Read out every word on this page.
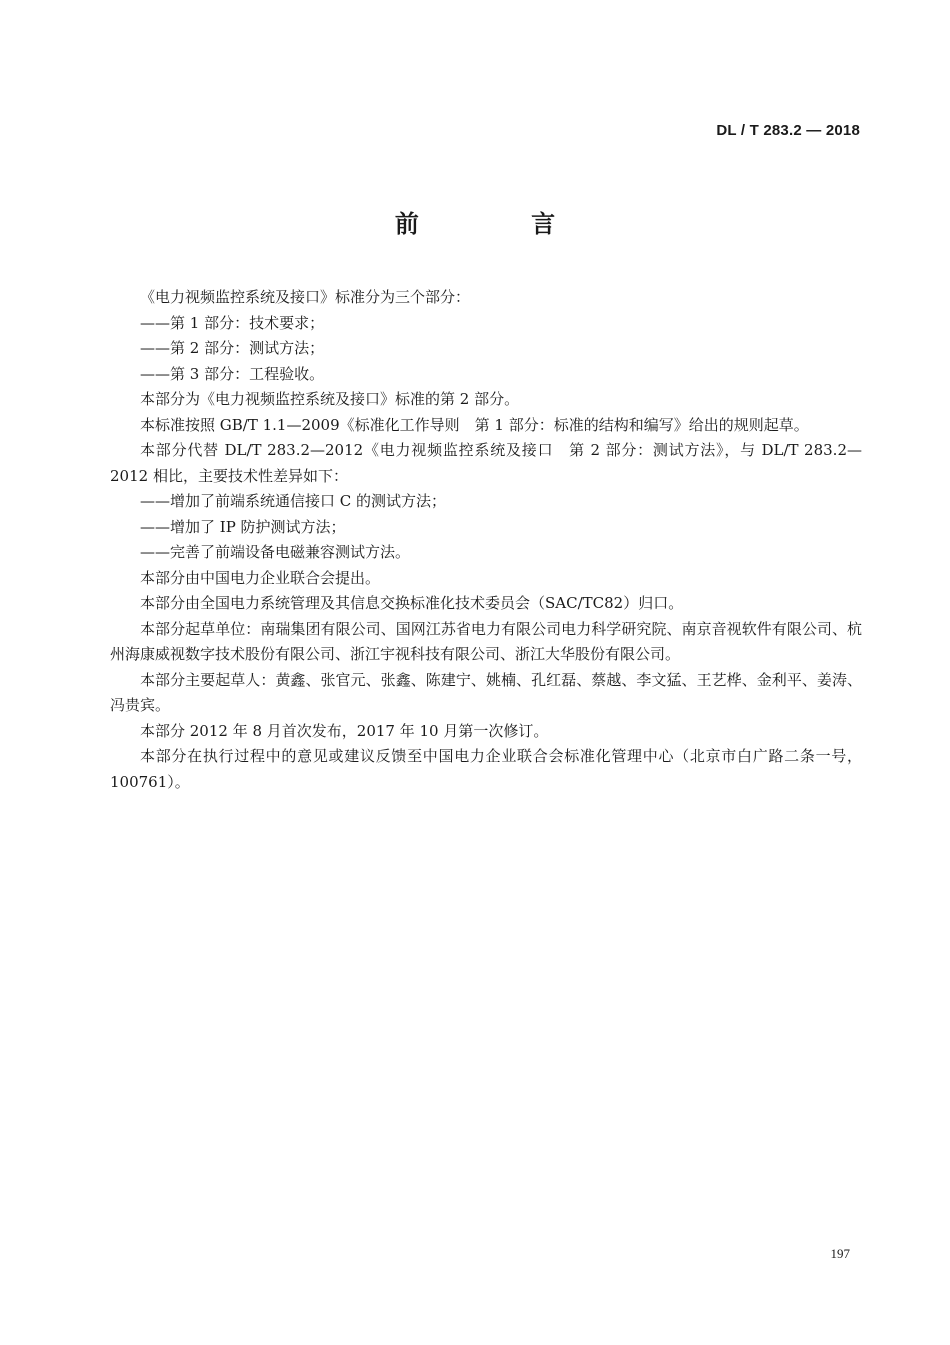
DL / T 283.2 — 2018
前 言

《电力视频监控系统及接口》标准分为三个部分：

——第 1 部分：技术要求；

——第 2 部分：测试方法；

——第 3 部分：工程验收。

本部分为《电力视频监控系统及接口》标准的第 2 部分。

本标准按照 GB/T 1.1—2009《标准化工作导则　第 1 部分：标准的结构和编写》给出的规则起草。

本部分代替 DL/T 283.2—2012《电力视频监控系统及接口　第 2 部分：测试方法》，与 DL/T 283.2—2012 相比，主要技术性差异如下：

——增加了前端系统通信接口 C 的测试方法；

——增加了 IP 防护测试方法；

——完善了前端设备电磁兼容测试方法。

本部分由中国电力企业联合会提出。

本部分由全国电力系统管理及其信息交换标准化技术委员会（SAC/TC82）归口。

本部分起草单位：南瑞集团有限公司、国网江苏省电力有限公司电力科学研究院、南京音视软件有限公司、杭州海康威视数字技术股份有限公司、浙江宇视科技有限公司、浙江大华股份有限公司。

本部分主要起草人：黄鑫、张官元、张鑫、陈建宁、姚楠、孔红磊、蔡越、李文猛、王艺桦、金利平、姜涛、冯贵宾。

本部分 2012 年 8 月首次发布，2017 年 10 月第一次修订。

本部分在执行过程中的意见或建议反馈至中国电力企业联合会标准化管理中心（北京市白广路二条一号，100761）。

197
